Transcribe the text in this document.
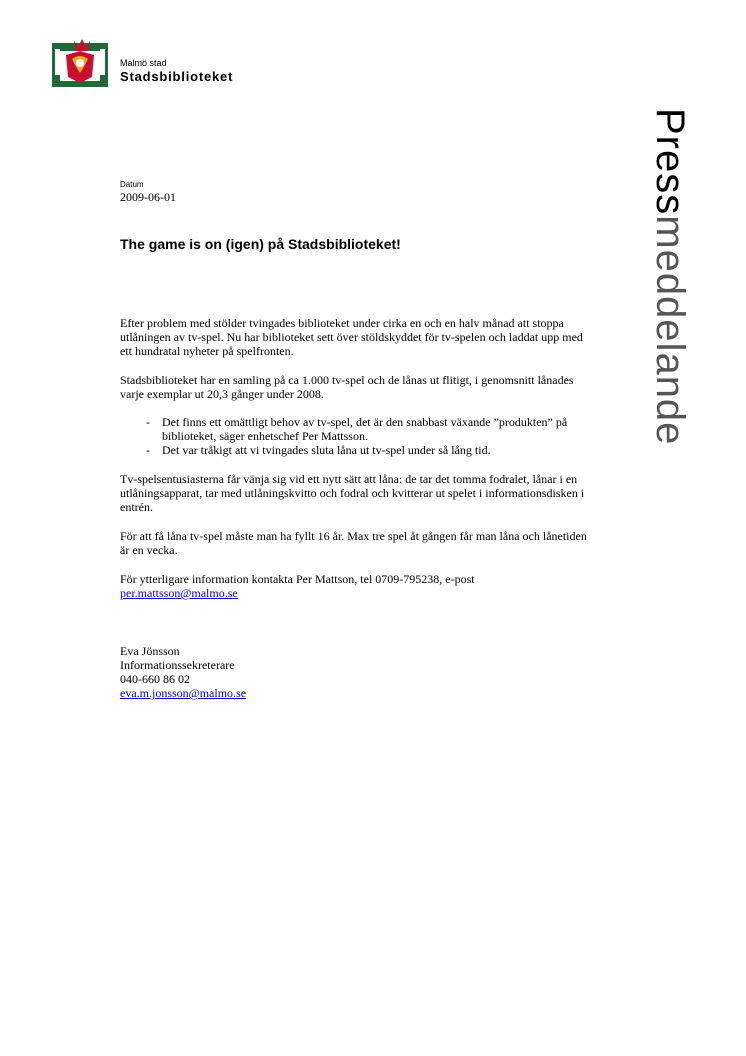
Malmö stad
Stadsbiblioteket
Pressmeddelande
Datum
2009-06-01
The game is on (igen) på Stadsbiblioteket!

Efter problem med stölder tvingades biblioteket under cirka en och en halv månad att stoppa utlåningen av tv-spel. Nu har biblioteket sett över stöldskyddet för tv-spelen och laddat upp med ett hundratal nyheter på spelfronten.

Stadsbiblioteket har en samling på ca 1.000 tv-spel och de lånas ut flitigt, i genomsnitt lånades varje exemplar ut 20,3 gånger under 2008.

- Det finns ett omättligt behov av tv-spel, det är den snabbast växande ”produkten” på biblioteket, säger enhetschef Per Mattsson.
- Det var tråkigt att vi tvingades sluta låna ut tv-spel under så lång tid.

Tv-spelsentusiasterna får vänja sig vid ett nytt sätt att låna: de tar det tomma fodralet, lånar i en utlåningsapparat, tar med utlåningskvitto och fodral och kvitterar ut spelet i informationsdisken i entrén.

För att få låna tv-spel måste man ha fyllt 16 år. Max tre spel åt gången får man låna och lånetiden är en vecka.

För ytterligare information kontakta Per Mattson, tel 0709-795238, e-post
per.mattsson@malmo.se

Eva Jönsson
Informationssekreterare
040-660 86 02
eva.m.jonsson@malmo.se
